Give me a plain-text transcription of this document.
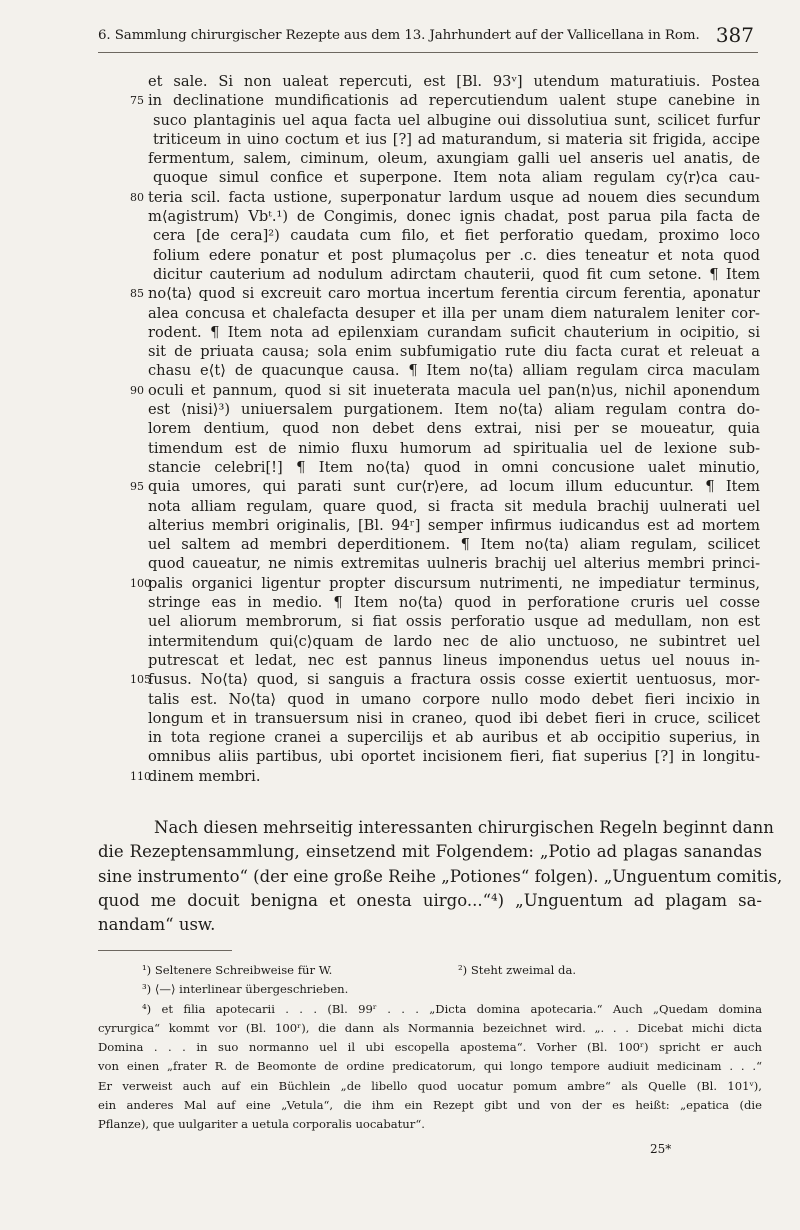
6. Sammlung chirurgischer Rezepte aus dem 13. Jahrhundert auf der Vallicellana in Rom. 387
et sale. Si non ualeat repercuti, est [Bl. 93ᵛ] utendum maturatiuis. Postea
75 in declinatione mundificationis ad repercutiendum ualent stupe canebine in
suco plantaginis uel aqua facta uel albugine oui dissolutiua sunt, scilicet furfur
triticeum in uino coctum et ius [?] ad maturandum, si materia sit frigida, accipe
fermentum, salem, ciminum, oleum, axungiam galli uel anseris uel anatis, de
quoque simul confice et superpone. Item nota aliam regulam cy⟨r⟩ca cau-
80 teria scil. facta ustione, superponatur lardum usque ad nouem dies secundum
m⟨agistrum⟩ Vbᵗ.¹) de Congimis, donec ignis chadat, post parua pila facta de
cera [de cera]²) caudata cum filo, et fiet perforatio quedam, proximo loco
folium edere ponatur et post plumaçolus per .c. dies teneatur et nota quod
dicitur cauterium ad nodulum adirctam chauterii, quod fit cum setone. ¶ Item
85 no⟨ta⟩ quod si excreuit caro mortua incertum ferentia circum ferentia, aponatur
alea concusa et chalefacta desuper et illa per unam diem naturalem leniter cor-
rodent. ¶ Item nota ad epilenxiam curandam suficit chauterium in ocipitio, si
sit de priuata causa; sola enim subfumigatio rute diu facta curat et releuat a
chasu e⟨t⟩ de quacunque causa. ¶ Item no⟨ta⟩ alliam regulam circa maculam
90 oculi et pannum, quod si sit inueterata macula uel pan⟨n⟩us, nichil aponendum
est ⟨nisi⟩³) uniuersalem purgationem. Item no⟨ta⟩ aliam regulam contra do-
lorem dentium, quod non debet dens extrai, nisi per se moueatur, quia
timendum est de nimio fluxu humorum ad spiritualia uel de lexione sub-
stancie celebri[!] ¶ Item no⟨ta⟩ quod in omni concusione ualet minutio,
95 quia umores, qui parati sunt cur⟨r⟩ere, ad locum illum educuntur. ¶ Item
nota alliam regulam, quare quod, si fracta sit medula brachij uulnerati uel
alterius membri originalis, [Bl. 94ʳ] semper infirmus iudicandus est ad mortem
uel saltem ad membri deperditionem. ¶ Item no⟨ta⟩ aliam regulam, scilicet
quod caueatur, ne nimis extremitas uulneris brachij uel alterius membri princi-
100
palis organici ligentur propter discursum nutrimenti, ne impediatur terminus,
stringe eas in medio. ¶ Item no⟨ta⟩ quod in perforatione cruris uel cosse
uel aliorum membrorum, si fiat ossis perforatio usque ad medullam, non est
intermitendum qui⟨c⟩quam de lardo nec de alio unctuoso, ne subintret uel
putrescat et ledat, nec est pannus lineus imponendus uetus uel nouus in-
105
fusus. No⟨ta⟩ quod, si sanguis a fractura ossis cosse exiertit uentuosus, mor-
talis est. No⟨ta⟩ quod in umano corpore nullo modo debet fieri incixio in
longum et in transuersum nisi in craneo, quod ibi debet fieri in cruce, scilicet
in tota regione cranei a supercilijs et ab auribus et ab occipitio superius, in
omnibus aliis partibus, ubi oportet incisionem fieri, fiat superius [?] in longitu-
110
dinem membri.
Nach diesen mehrseitig interessanten chirurgischen Regeln beginnt dann
die Rezeptensammlung, einsetzend mit Folgendem: „Potio ad plagas sanandas
sine instrumento“ (der eine große Reihe „Potiones“ folgen). „Unguentum comitis,
quod me docuit benigna et onesta uirgo...“⁴) „Unguentum ad plagam sa-
nandam“ usw.
¹) Seltenere Schreibweise für W.	²) Steht zweimal da.
³) ⟨—⟩ interlinear übergeschrieben.
⁴) et filia apotecarii . . . (Bl. 99ʳ . . . „Dicta domina apotecaria.“ Auch „Quedam domina
cyrurgica“ kommt vor (Bl. 100ʳ), die dann als Normannia bezeichnet wird. „. . . Dicebat michi dicta
Domina . . . in suo normanno uel il ubi escopella apostema“. Vorher (Bl. 100ʳ) spricht er auch
von einen „frater R. de Beomonte de ordine predicatorum, qui longo tempore audiuit medicinam . . .“
Er verweist auch auf ein Büchlein „de libello quod uocatur pomum ambre“ als Quelle (Bl. 101ᵛ),
ein anderes Mal auf eine „Vetula“, die ihm ein Rezept gibt und von der es heißt: „epatica (die
Pflanze), que uulgariter a uetula corporalis uocabatur“.
25*
